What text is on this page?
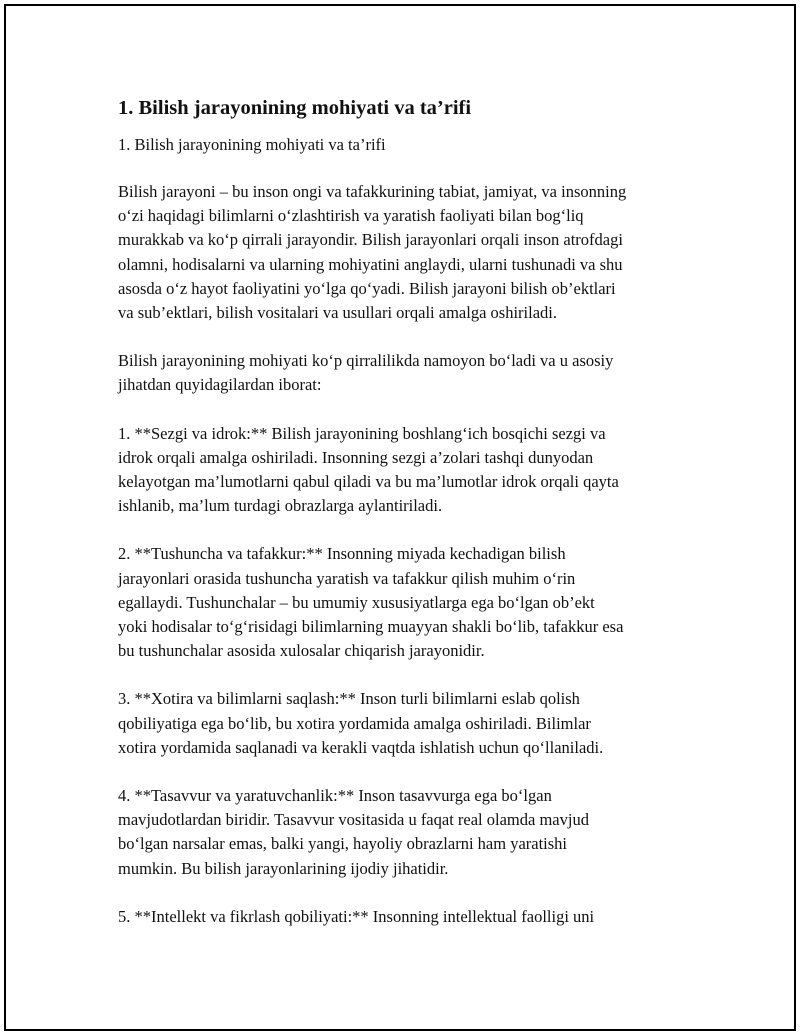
1. Bilish jarayonining mohiyati va ta’rifi

1. Bilish jarayonining mohiyati va ta’rifi

Bilish jarayoni – bu inson ongi va tafakkurining tabiat, jamiyat, va insonning
o‘zi haqidagi bilimlarni o‘zlashtirish va yaratish faoliyati bilan bog‘liq
murakkab va ko‘p qirrali jarayondir. Bilish jarayonlari orqali inson atrofdagi
olamni, hodisalarni va ularning mohiyatini anglaydi, ularni tushunadi va shu
asosda o‘z hayot faoliyatini yo‘lga qo‘yadi. Bilish jarayoni bilish ob’ektlari
va sub’ektlari, bilish vositalari va usullari orqali amalga oshiriladi.

Bilish jarayonining mohiyati ko‘p qirralilikda namoyon bo‘ladi va u asosiy
jihatdan quyidagilardan iborat:

1. **Sezgi va idrok:** Bilish jarayonining boshlang‘ich bosqichi sezgi va
idrok orqali amalga oshiriladi. Insonning sezgi a’zolari tashqi dunyodan
kelayotgan ma’lumotlarni qabul qiladi va bu ma’lumotlar idrok orqali qayta
ishlanib, ma’lum turdagi obrazlarga aylantiriladi.

2. **Tushuncha va tafakkur:** Insonning miyada kechadigan bilish
jarayonlari orasida tushuncha yaratish va tafakkur qilish muhim o‘rin
egallaydi. Tushunchalar – bu umumiy xususiyatlarga ega bo‘lgan ob’ekt
yoki hodisalar to‘g‘risidagi bilimlarning muayyan shakli bo‘lib, tafakkur esa
bu tushunchalar asosida xulosalar chiqarish jarayonidir.

3. **Xotira va bilimlarni saqlash:** Inson turli bilimlarni eslab qolish
qobiliyatiga ega bo‘lib, bu xotira yordamida amalga oshiriladi. Bilimlar
xotira yordamida saqlanadi va kerakli vaqtda ishlatish uchun qo‘llaniladi.

4. **Tasavvur va yaratuvchanlik:** Inson tasavvurga ega bo‘lgan
mavjudotlardan biridir. Tasavvur vositasida u faqat real olamda mavjud
bo‘lgan narsalar emas, balki yangi, hayoliy obrazlarni ham yaratishi
mumkin. Bu bilish jarayonlarining ijodiy jihatidir.

5. **Intellekt va fikrlash qobiliyati:** Insonning intellektual faolligi uni
